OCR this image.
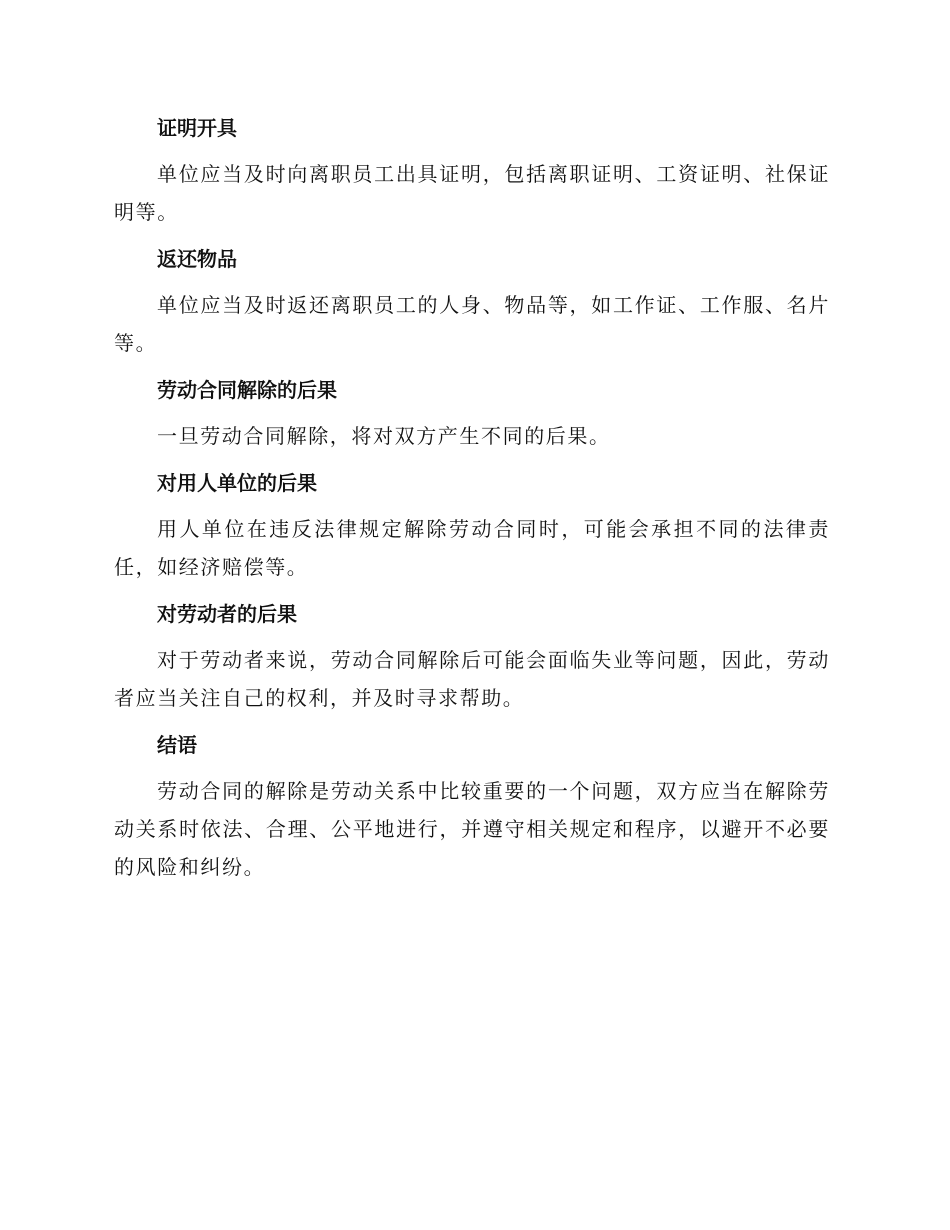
证明开具

单位应当及时向离职员工出具证明，包括离职证明、工资证明、社保证明等。

返还物品

单位应当及时返还离职员工的人身、物品等，如工作证、工作服、名片等。

劳动合同解除的后果

一旦劳动合同解除，将对双方产生不同的后果。

对用人单位的后果

用人单位在违反法律规定解除劳动合同时，可能会承担不同的法律责任，如经济赔偿等。

对劳动者的后果

对于劳动者来说，劳动合同解除后可能会面临失业等问题，因此，劳动者应当关注自己的权利，并及时寻求帮助。

结语

劳动合同的解除是劳动关系中比较重要的一个问题，双方应当在解除劳动关系时依法、合理、公平地进行，并遵守相关规定和程序，以避开不必要的风险和纠纷。
